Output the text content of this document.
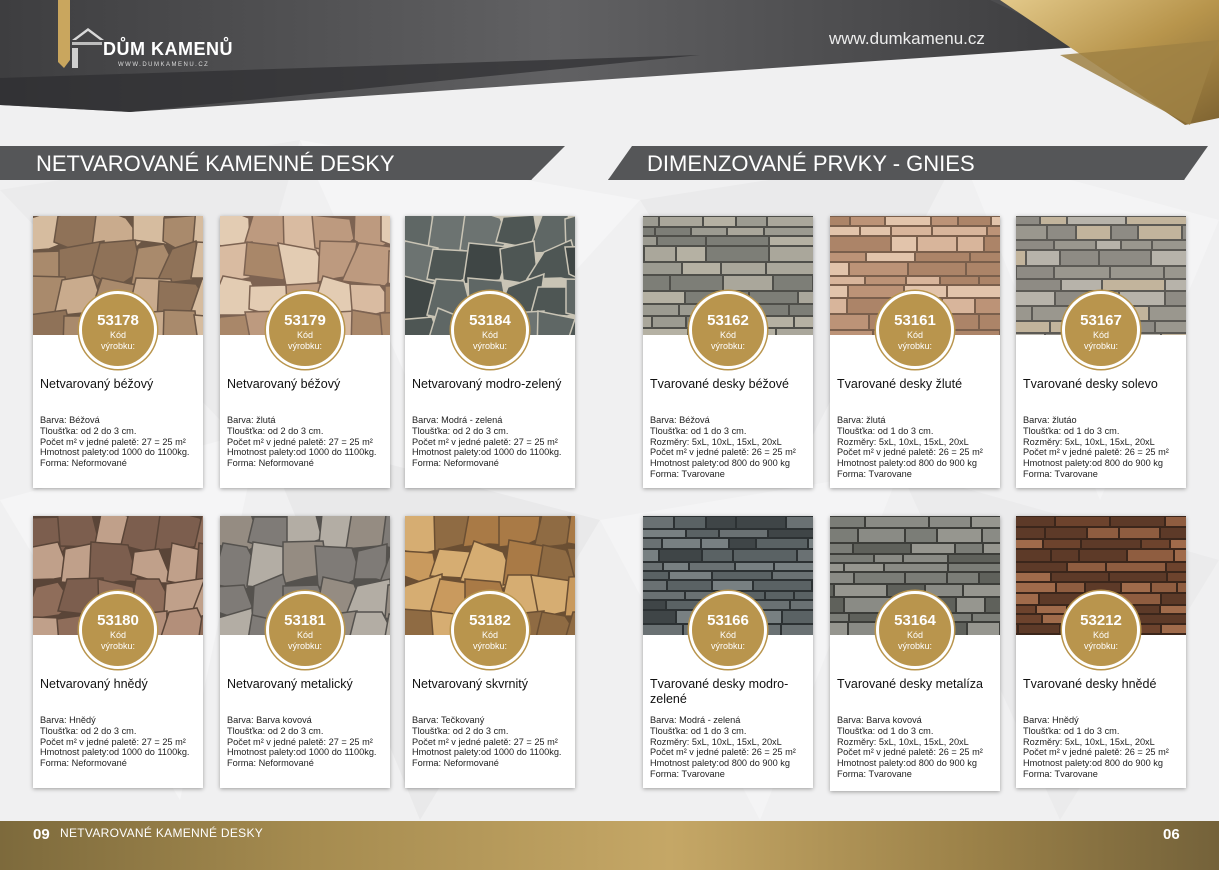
DŮM KAMENŮ
WWW.DUMKAMENU.CZ
www.dumkamenu.cz
NETVAROVANÉ KAMENNÉ DESKY	DIMENZOVANÉ PRVKY - GNIES
53178
Kód výrobku:
Netvarovaný béžový
Barva: Béžová
Tloušťka: od 2 do 3 cm.
Počet m² v jedné paletě: 27 = 25 m²
Hmotnost palety:od 1000 do 1100kg.
Forma: Neformované
53179
Kód výrobku:
Netvarovaný béžový
Barva: žlutá
Tloušťka: od 2 do 3 cm.
Počet m² v jedné paletě: 27 = 25 m²
Hmotnost palety:od 1000 do 1100kg.
Forma: Neformované
53184
Kód výrobku:
Netvarovaný modro-zelený
Barva: Modrá - zelená
Tloušťka: od 2 do 3 cm.
Počet m² v jedné paletě: 27 = 25 m²
Hmotnost palety:od 1000 do 1100kg.
Forma: Neformované
53162
Kód výrobku:
Tvarované desky béžové
Barva: Béžová
Tloušťka: od 1 do 3 cm.
Rozměry: 5xL, 10xL, 15xL, 20xL
Počet m² v jedné paletě: 26 = 25 m²
Hmotnost palety:od 800 do 900 kg
Forma: Tvarovane
53161
Kód výrobku:
Tvarované desky žluté
Barva: žlutá
Tloušťka: od 1 do 3 cm.
Rozměry: 5xL, 10xL, 15xL, 20xL
Počet m² v jedné paletě: 26 = 25 m²
Hmotnost palety:od 800 do 900 kg
Forma: Tvarovane
53167
Kód výrobku:
Tvarované desky solevo
Barva: žlutáo
Tloušťka: od 1 do 3 cm.
Rozměry: 5xL, 10xL, 15xL, 20xL
Počet m² v jedné paletě: 26 = 25 m²
Hmotnost palety:od 800 do 900 kg
Forma: Tvarovane
53180
Kód výrobku:
Netvarovaný hnědý
Barva: Hnědý
Tloušťka: od 2 do 3 cm.
Počet m² v jedné paletě: 27 = 25 m²
Hmotnost palety:od 1000 do 1100kg.
Forma: Neformované
53181
Kód výrobku:
Netvarovaný metalický
Barva: Barva kovová
Tloušťka: od 2 do 3 cm.
Počet m² v jedné paletě: 27 = 25 m²
Hmotnost palety:od 1000 do 1100kg.
Forma: Neformované
53182
Kód výrobku:
Netvarovaný skvrnitý
Barva: Tečkovaný
Tloušťka: od 2 do 3 cm.
Počet m² v jedné paletě: 27 = 25 m²
Hmotnost palety:od 1000 do 1100kg.
Forma: Neformované
53166
Kód výrobku:
Tvarované desky modro-zelené
Barva: Modrá - zelená
Tloušťka: od 1 do 3 cm.
Rozměry: 5xL, 10xL, 15xL, 20xL
Počet m² v jedné paletě: 26 = 25 m²
Hmotnost palety:od 800 do 900 kg
Forma: Tvarovane
53164
Kód výrobku:
Tvarované desky metalíza
Barva: Barva kovová
Tloušťka: od 1 do 3 cm.
Rozměry: 5xL, 10xL, 15xL, 20xL
Počet m² v jedné paletě: 26 = 25 m²
Hmotnost palety:od 800 do 900 kg
Forma: Tvarovane
53212
Kód výrobku:
Tvarované desky hnědé
Barva: Hnědý
Tloušťka: od 1 do 3 cm.
Rozměry: 5xL, 10xL, 15xL, 20xL
Počet m² v jedné paletě: 26 = 25 m²
Hmotnost palety:od 800 do 900 kg
Forma: Tvarovane
09 NETVAROVANÉ KAMENNÉ DESKY	06
